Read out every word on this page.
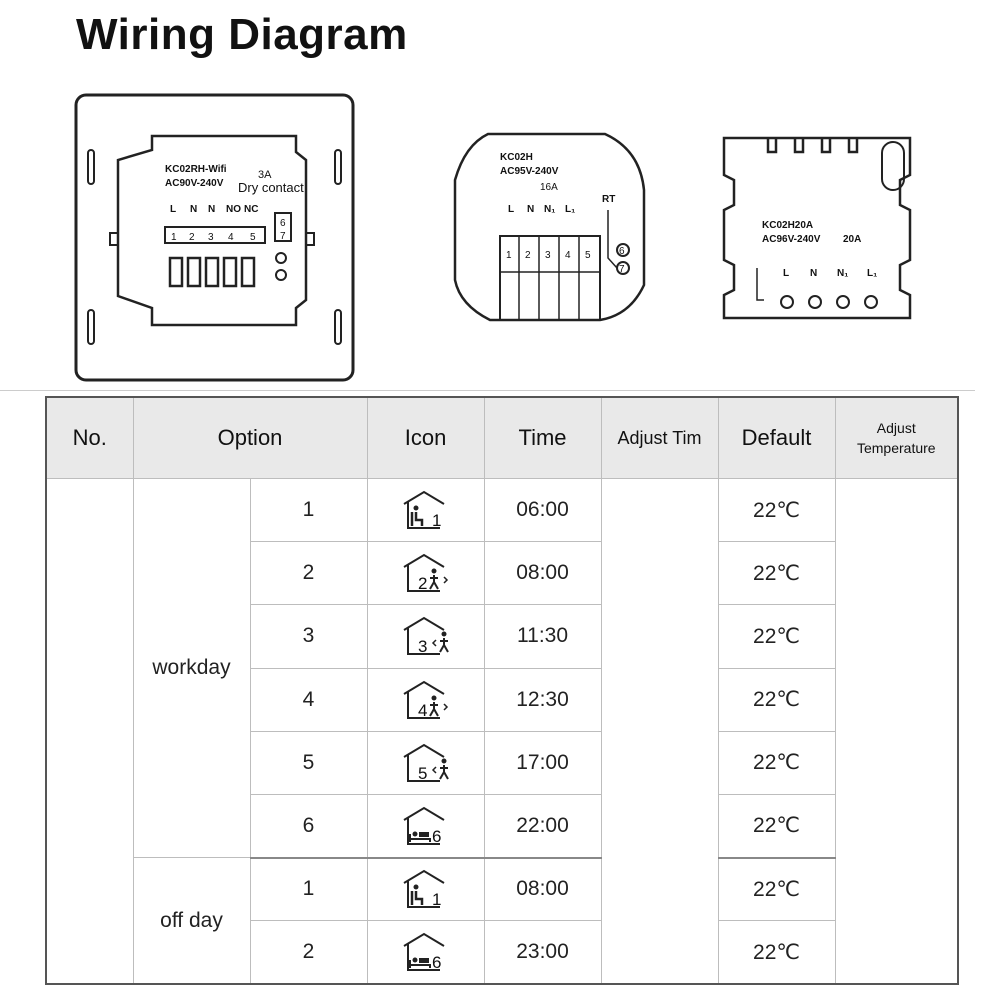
Wiring Diagram
KC02RH-Wifi
AC90V-240V
3A
Dry contact
L N N NO NC
1 2 3 4 5
6
7
KC02H
AC95V-240V
16A
RT
L N N₁ L₁
1 2 3 4 5	6
7
KC02H20A
AC96V-240V 20A
L N N₁ L₁
No.	Option		Icon	Time	Adjust Tim	Default	Adjust
Temperature
	workday	1	1	06:00		22℃	
		2	2	08:00		22℃	
		3	3	11:30		22℃	
		4	4	12:30		22℃	
		5	5	17:00		22℃	
		6	6	22:00		22℃	
	off day	1	1	08:00		22℃	
		2	6	23:00		22℃	
